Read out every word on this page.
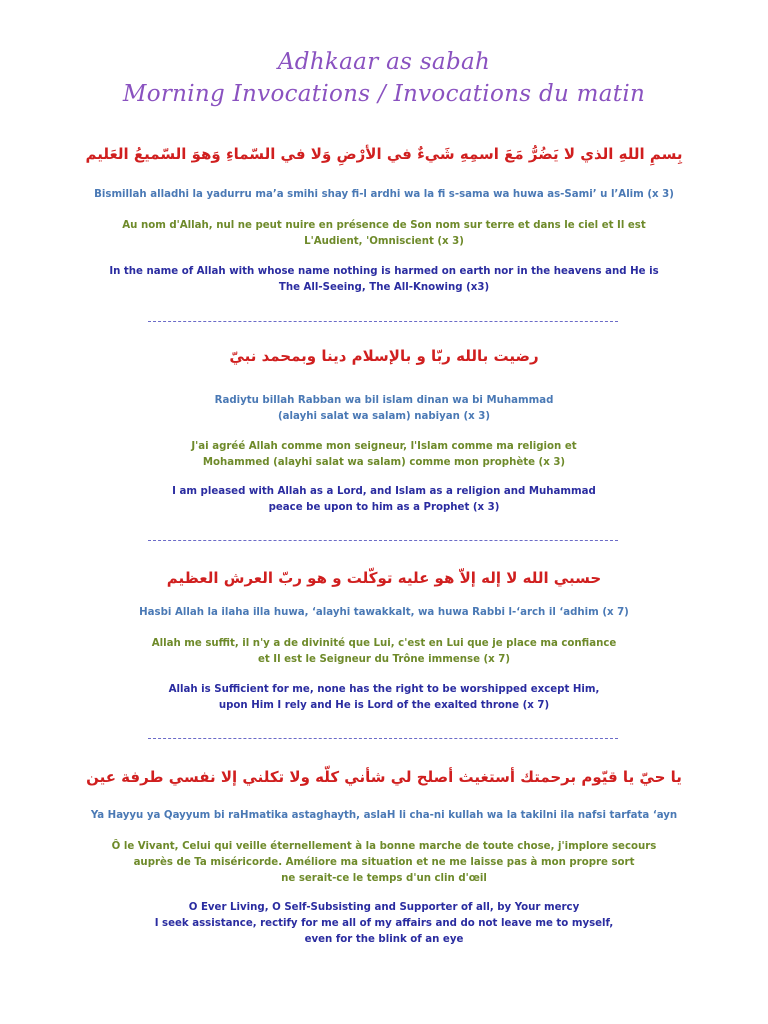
Adhkaar as sabah
Morning Invocations / Invocations du matin
بِسمِ اللهِ الذي لا يَضُرُّ مَعَ اسمِهِ شَيءٌ في الأرْضِ وَلا في السّماءِ وَهوَ السّميعُ العَليم
Bismillah alladhi la yadurru ma’a smihi shay fi-l ardhi wa la fi s-sama wa huwa as-Sami’ u l’Alim (x 3)
Au nom d'Allah, nul ne peut nuire en présence de Son nom sur terre et dans le ciel et Il est
L'Audient, 'Omniscient (x 3)
In the name of Allah with whose name nothing is harmed on earth nor in the heavens and He is
The All-Seeing, The All-Knowing (x3)
رضيت بالله ربّا و بالإسلام دينا وبمحمد نبيّ
Radiytu billah Rabban wa bil islam dinan wa bi Muhammad
(alayhi salat wa salam) nabiyan (x 3)
J'ai agréé Allah comme mon seigneur, l'Islam comme ma religion et
Mohammed (alayhi salat wa salam) comme mon prophète (x 3)
I am pleased with Allah as a Lord, and Islam as a religion and Muhammad
peace be upon to him as a Prophet (x 3)
حسبي الله لا إله إلاّ هو عليه توكّلت و هو ربّ العرش العظيم
Hasbi Allah la ilaha illa huwa, ‘alayhi tawakkalt, wa huwa Rabbi l-‘arch il ‘adhim (x 7)
Allah me suffit, il n'y a de divinité que Lui, c'est en Lui que je place ma confiance
et Il est le Seigneur du Trône immense (x 7)
Allah is Sufficient for me, none has the right to be worshipped except Him,
upon Him I rely and He is Lord of the exalted throne (x 7)
يا حيّ يا قيّوم برحمتك أستغيث أصلح لي شأني كلّه ولا تكلني إلا نفسي طرفة عين
Ya Hayyu ya Qayyum bi raHmatika astaghayth, aslaH li cha-ni kullah wa la takilni ila nafsi tarfata ‘ayn
Ô le Vivant, Celui qui veille éternellement à la bonne marche de toute chose, j'implore secours
auprès de Ta miséricorde. Améliore ma situation et ne me laisse pas à mon propre sort
ne serait-ce le temps d'un clin d'œil
O Ever Living, O Self-Subsisting and Supporter of all, by Your mercy
I seek assistance, rectify for me all of my affairs and do not leave me to myself,
even for the blink of an eye
